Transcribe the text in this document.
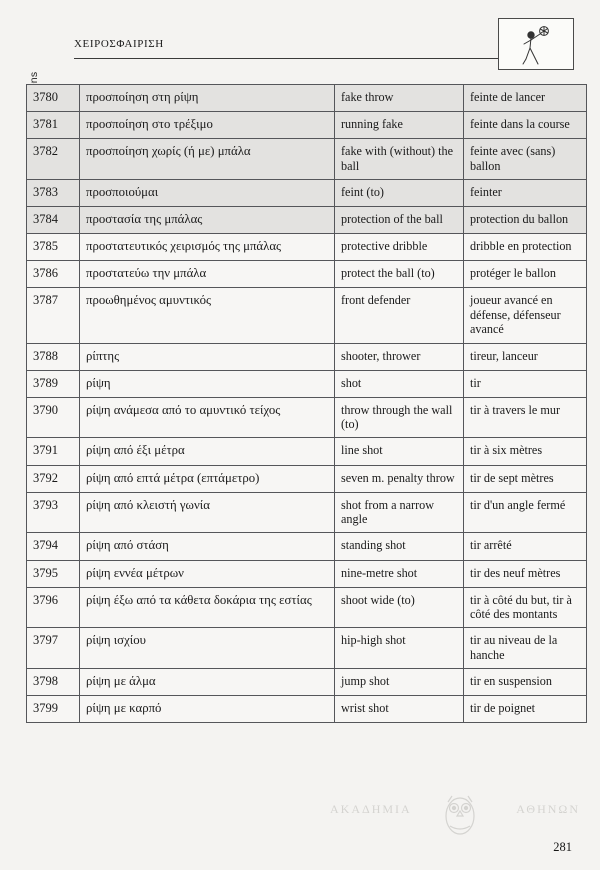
ΧΕΙΡΟΣΦΑΙΡΙΣΗ
3780	προσποίηση στη ρίψη	fake throw	feinte de lancer
3781	προσποίηση στο τρέξιμο	running fake	feinte dans la course
3782	προσποίηση χωρίς (ή με) μπάλα	fake with (without) the ball	feinte avec (sans) ballon
3783	προσποιούμαι	feint (to)	feinter
3784	προστασία της μπάλας	protection of the ball	protection du ballon
3785	προστατευτικός χειρισμός της μπάλας	protective dribble	dribble en protection
3786	προστατεύω την μπάλα	protect the ball (to)	protéger le ballon
3787	προωθημένος αμυντικός	front defender	joueur avancé en défense, défenseur avancé
3788	ρίπτης	shooter, thrower	tireur, lanceur
3789	ρίψη	shot	tir
3790	ρίψη ανάμεσα από το αμυντικό τείχος	throw through the wall (to)	tir à travers le mur
3791	ρίψη από έξι μέτρα	line shot	tir à six mètres
3792	ρίψη από επτά μέτρα (επτάμετρο)	seven m. penalty throw	tir de sept mètres
3793	ρίψη από κλειστή γωνία	shot from a narrow angle	tir d'un angle fermé
3794	ρίψη από στάση	standing shot	tir arrêté
3795	ρίψη εννέα μέτρων	nine-metre shot	tir des neuf mètres
3796	ρίψη έξω από τα κάθετα δοκάρια της εστίας	shoot wide (to)	tir à côté du but, tir à côté des montants
3797	ρίψη ισχίου	hip-high shot	tir au niveau de la hanche
3798	ρίψη με άλμα	jump shot	tir en suspension
3799	ρίψη με καρπό	wrist shot	tir de poignet
ΑΚΑΔΗΜΙΑ	ΑΘΗΝΩΝ
281
